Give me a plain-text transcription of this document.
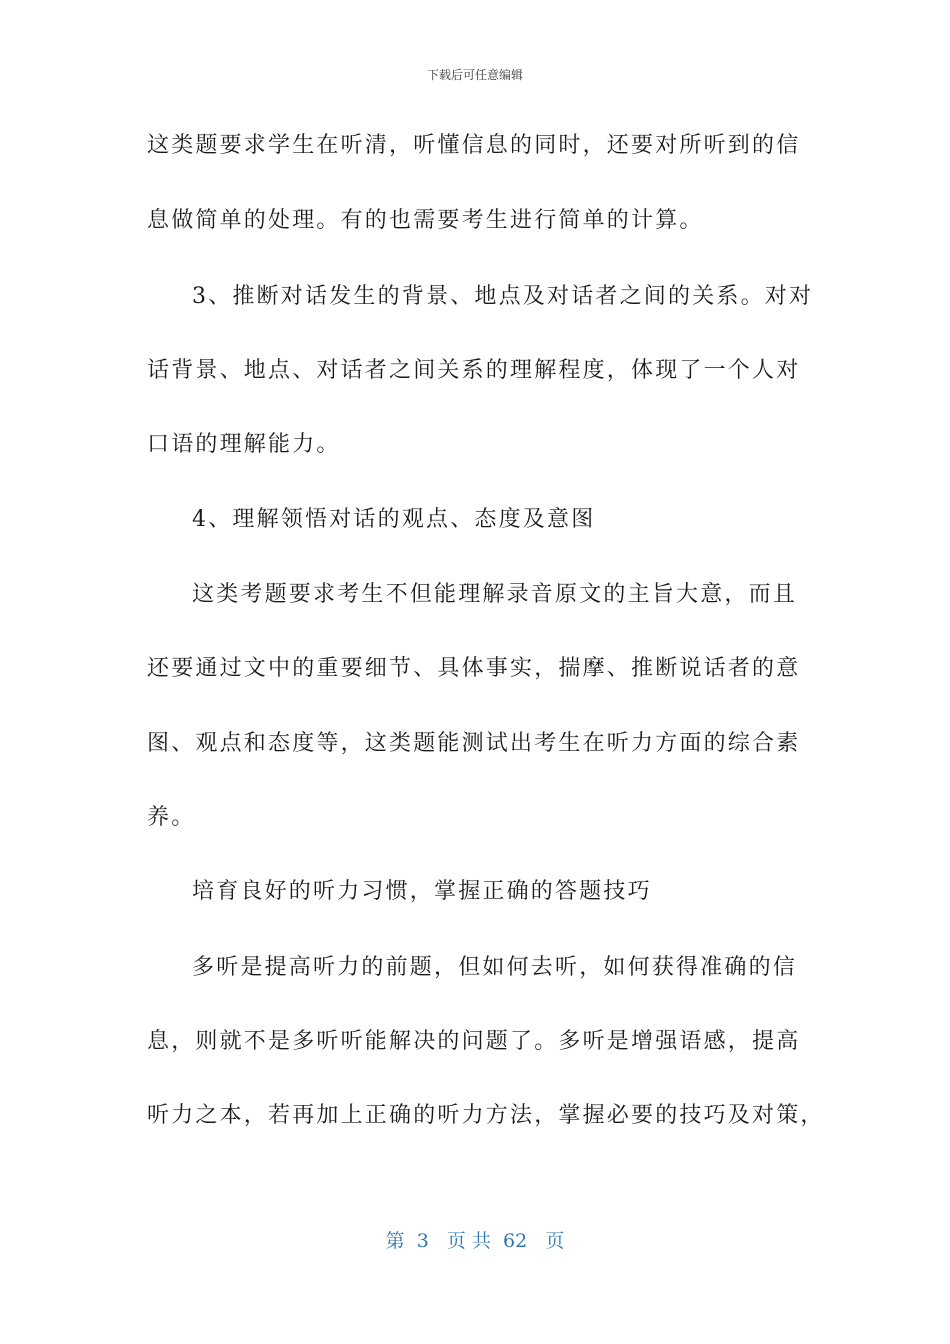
下载后可任意编辑
这类题要求学生在听清，听懂信息的同时，还要对所听到的信
息做简单的处理。有的也需要考生进行简单的计算。
3、推断对话发生的背景、地点及对话者之间的关系。对对
话背景、地点、对话者之间关系的理解程度，体现了一个人对
口语的理解能力。
4、理解领悟对话的观点、态度及意图
这类考题要求考生不但能理解录音原文的主旨大意，而且
还要通过文中的重要细节、具体事实，揣摩、推断说话者的意
图、观点和态度等，这类题能测试出考生在听力方面的综合素
养。
培育良好的听力习惯，掌握正确的答题技巧
多听是提高听力的前题，但如何去听，如何获得准确的信
息，则就不是多听听能解决的问题了。多听是增强语感，提高
听力之本，若再加上正确的听力方法，掌握必要的技巧及对策，
第  3   页 共  62   页
